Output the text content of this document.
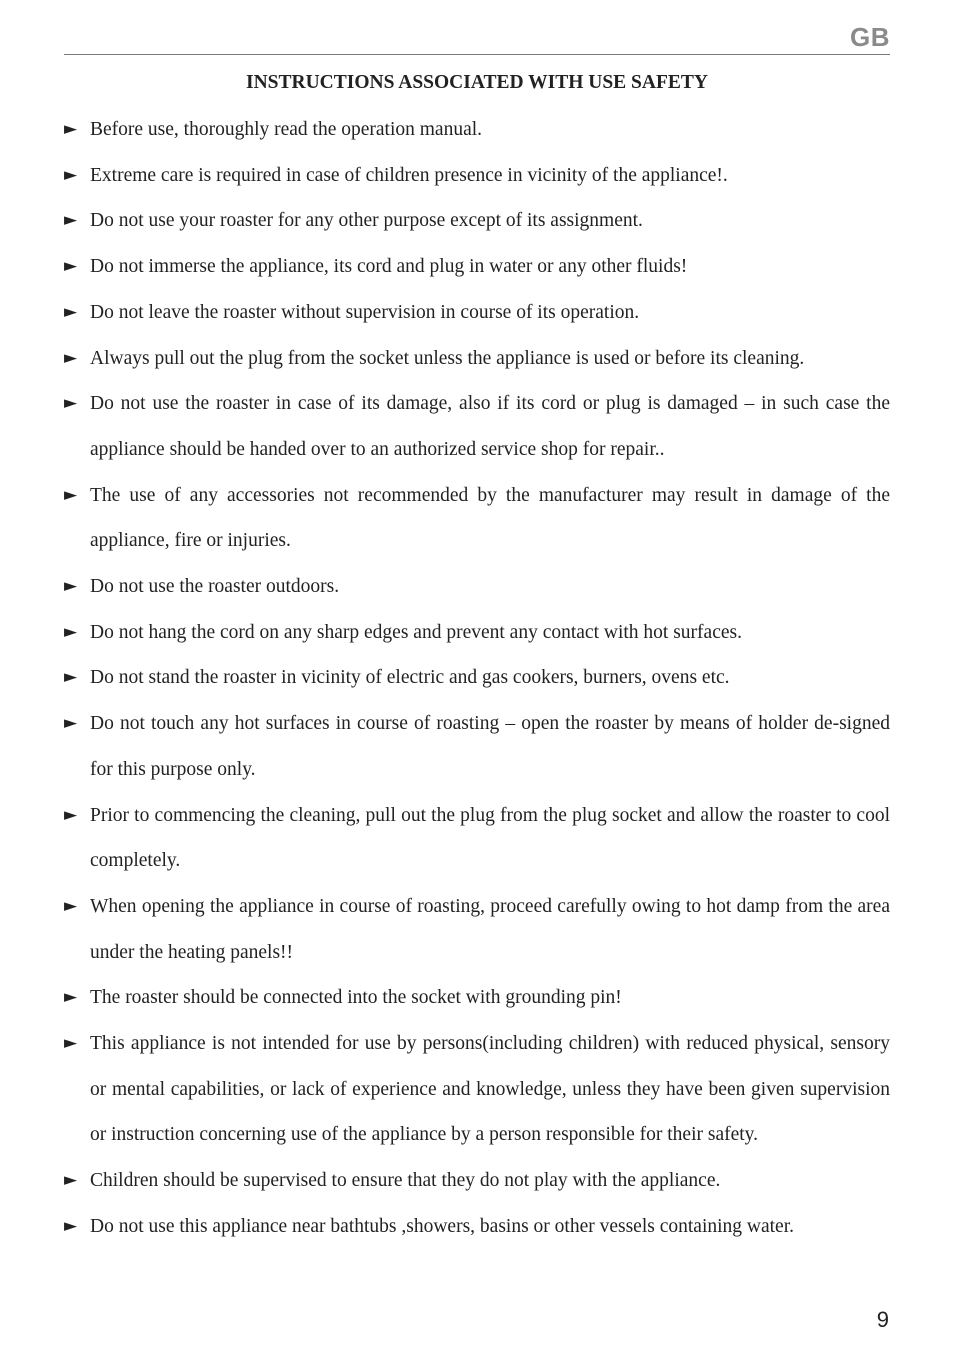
GB
INSTRUCTIONS ASSOCIATED WITH USE SAFETY
► Before use, thoroughly read the operation manual.
► Extreme care is required in case of children presence in vicinity of the appliance!.
► Do not use your roaster for any other purpose except of its assignment.
► Do not immerse the appliance, its cord and plug in water or any other fluids!
► Do not leave the roaster without supervision in course of its operation.
► Always pull out the plug from the socket unless the appliance is used or before its cleaning.
► Do not use the roaster in case of its damage, also if its cord or plug is damaged – in such case the appliance should be handed over to an authorized service shop for repair..
► The use of any accessories not recommended by the manufacturer may result in damage of the appliance, fire or injuries.
► Do not use the roaster outdoors.
► Do not hang the cord on any sharp edges and prevent any contact with hot surfaces.
► Do not stand the roaster in vicinity of electric and gas cookers, burners, ovens etc.
► Do not touch any hot surfaces in course of roasting – open the roaster by means of holder de-signed for this purpose only.
► Prior to commencing the cleaning, pull out the plug from the plug socket and allow the roaster to cool completely.
► When opening the appliance in course of roasting, proceed carefully owing to hot damp from the area under the heating panels!!
► The roaster should be connected into the socket with grounding pin!
► This appliance is not intended for use by persons(including children) with reduced physical, sensory or mental capabilities, or lack of experience and knowledge, unless they have been given supervision or instruction concerning use of the appliance by a person responsible for their safety.
► Children should be supervised to ensure that they do not play with the appliance.
► Do not use this appliance near bathtubs ,showers, basins or other vessels containing water.
9
